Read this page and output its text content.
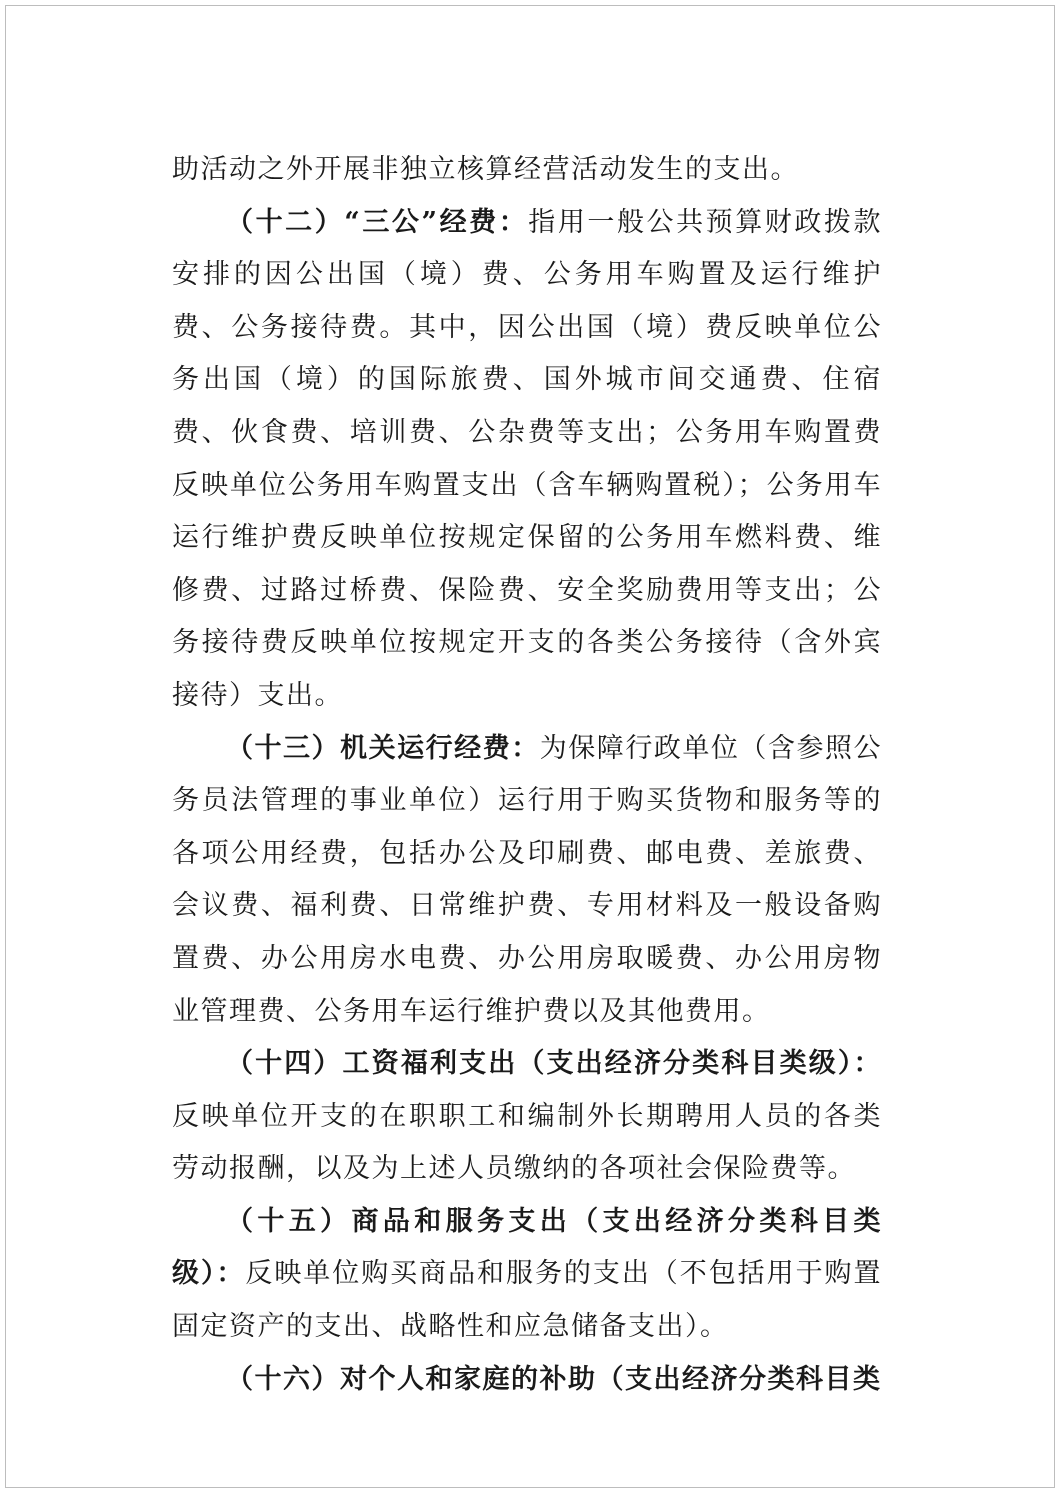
助活动之外开展非独立核算经营活动发生的支出。

（十二）“三公”经费：指用一般公共预算财政拨款安排的因公出国（境）费、公务用车购置及运行维护费、公务接待费。其中，因公出国（境）费反映单位公务出国（境）的国际旅费、国外城市间交通费、住宿费、伙食费、培训费、公杂费等支出；公务用车购置费反映单位公务用车购置支出（含车辆购置税）；公务用车运行维护费反映单位按规定保留的公务用车燃料费、维修费、过路过桥费、保险费、安全奖励费用等支出；公务接待费反映单位按规定开支的各类公务接待（含外宾接待）支出。

（十三）机关运行经费：为保障行政单位（含参照公务员法管理的事业单位）运行用于购买货物和服务等的各项公用经费，包括办公及印刷费、邮电费、差旅费、会议费、福利费、日常维护费、专用材料及一般设备购置费、办公用房水电费、办公用房取暖费、办公用房物业管理费、公务用车运行维护费以及其他费用。

（十四）工资福利支出（支出经济分类科目类级）：反映单位开支的在职职工和编制外长期聘用人员的各类劳动报酬，以及为上述人员缴纳的各项社会保险费等。

（十五）商品和服务支出（支出经济分类科目类级）：反映单位购买商品和服务的支出（不包括用于购置固定资产的支出、战略性和应急储备支出）。

（十六）对个人和家庭的补助（支出经济分类科目类
